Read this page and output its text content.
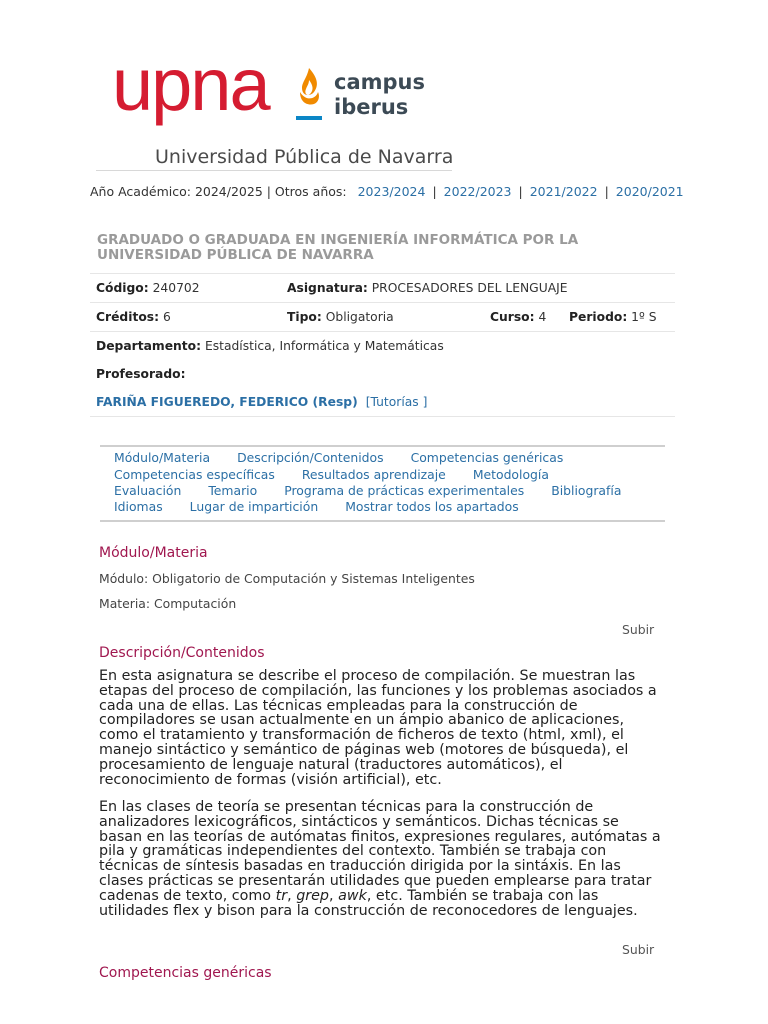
upna	campus
iberus
Universidad Pública de Navarra
Año Académico: 2024/2025 | Otros años: 2023/2024 | 2022/2023 | 2021/2022 | 2020/2021
GRADUADO O GRADUADA EN INGENIERÍA INFORMÁTICA POR LA UNIVERSIDAD PÚBLICA DE NAVARRA
Código: 240702	Asignatura: PROCESADORES DEL LENGUAJE
Créditos: 6	Tipo: Obligatoria	Curso: 4 Periodo: 1º S
Departamento: Estadística, Informática y Matemáticas
Profesorado:
FARIÑA FIGUEREDO, FEDERICO (Resp) [Tutorías ]
Módulo/Materia Descripción/Contenidos Competencias genéricas
Competencias específicas Resultados aprendizaje Metodología
Evaluación Temario Programa de prácticas experimentales Bibliografía
Idiomas Lugar de impartición Mostrar todos los apartados
Módulo/Materia
Módulo: Obligatorio de Computación y Sistemas Inteligentes
Materia: Computación
Subir
Descripción/Contenidos

En esta asignatura se describe el proceso de compilación. Se muestran las etapas del proceso de compilación, las funciones y los problemas asociados a cada una de ellas. Las técnicas empleadas para la construcción de compiladores se usan actualmente en un ámpio abanico de aplicaciones, como el tratamiento y transformación de ficheros de texto (html, xml), el manejo sintáctico y semántico de páginas web (motores de búsqueda), el procesamiento de lenguaje natural (traductores automáticos), el reconocimiento de formas (visión artificial), etc.

En las clases de teoría se presentan técnicas para la construcción de analizadores lexicográficos, sintácticos y semánticos. Dichas técnicas se basan en las teorías de autómatas finitos, expresiones regulares, autómatas a pila y gramáticas independientes del contexto. También se trabaja con técnicas de síntesis basadas en traducción dirigida por la sintáxis. En las clases prácticas se presentarán utilidades que pueden emplearse para tratar cadenas de texto, como tr, grep, awk, etc. También se trabaja con las utilidades flex y bison para la construcción de reconocedores de lenguajes.

Subir
Competencias genéricas
